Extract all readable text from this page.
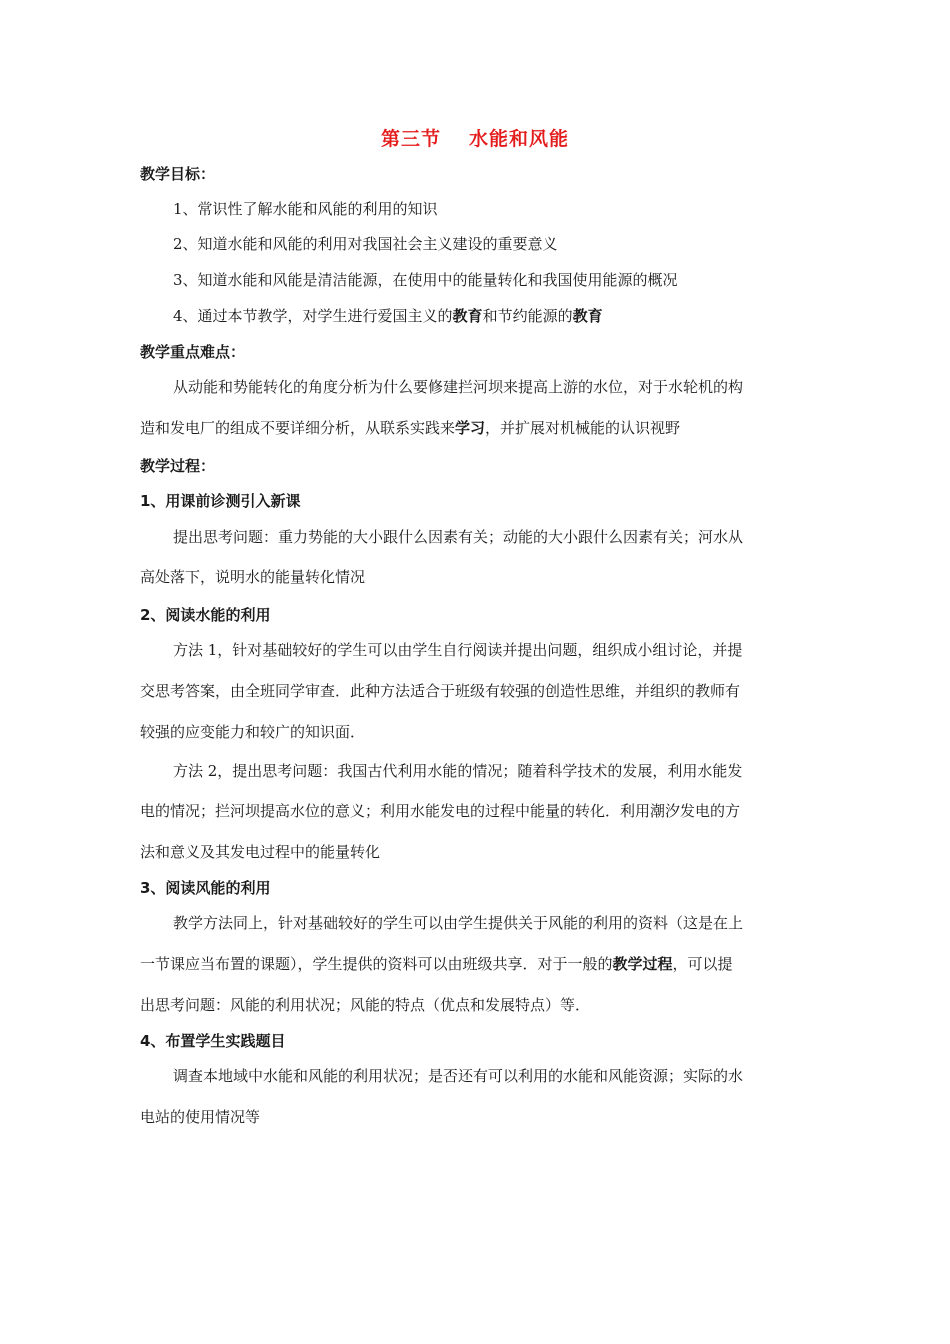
第三节 水能和风能
教学目标：
1、常识性了解水能和风能的利用的知识
2、知道水能和风能的利用对我国社会主义建设的重要意义
3、知道水能和风能是清洁能源，在使用中的能量转化和我国使用能源的概况
4、通过本节教学，对学生进行爱国主义的教育和节约能源的教育
教学重点难点：
从动能和势能转化的角度分析为什么要修建拦河坝来提高上游的水位，对于水轮机的构
造和发电厂的组成不要详细分析，从联系实践来学习，并扩展对机械能的认识视野
教学过程：
1、用课前诊测引入新课
提出思考问题：重力势能的大小跟什么因素有关；动能的大小跟什么因素有关；河水从
高处落下，说明水的能量转化情况
2、阅读水能的利用
方法 1，针对基础较好的学生可以由学生自行阅读并提出问题，组织成小组讨论，并提
交思考答案，由全班同学审查．此种方法适合于班级有较强的创造性思维，并组织的教师有
较强的应变能力和较广的知识面．
方法 2，提出思考问题：我国古代利用水能的情况；随着科学技术的发展，利用水能发
电的情况；拦河坝提高水位的意义；利用水能发电的过程中能量的转化．利用潮汐发电的方
法和意义及其发电过程中的能量转化
3、阅读风能的利用
教学方法同上，针对基础较好的学生可以由学生提供关于风能的利用的资料（这是在上
一节课应当布置的课题），学生提供的资料可以由班级共享．对于一般的教学过程，可以提
出思考问题：风能的利用状况；风能的特点（优点和发展特点）等．
4、布置学生实践题目
调查本地域中水能和风能的利用状况；是否还有可以利用的水能和风能资源；实际的水
电站的使用情况等
